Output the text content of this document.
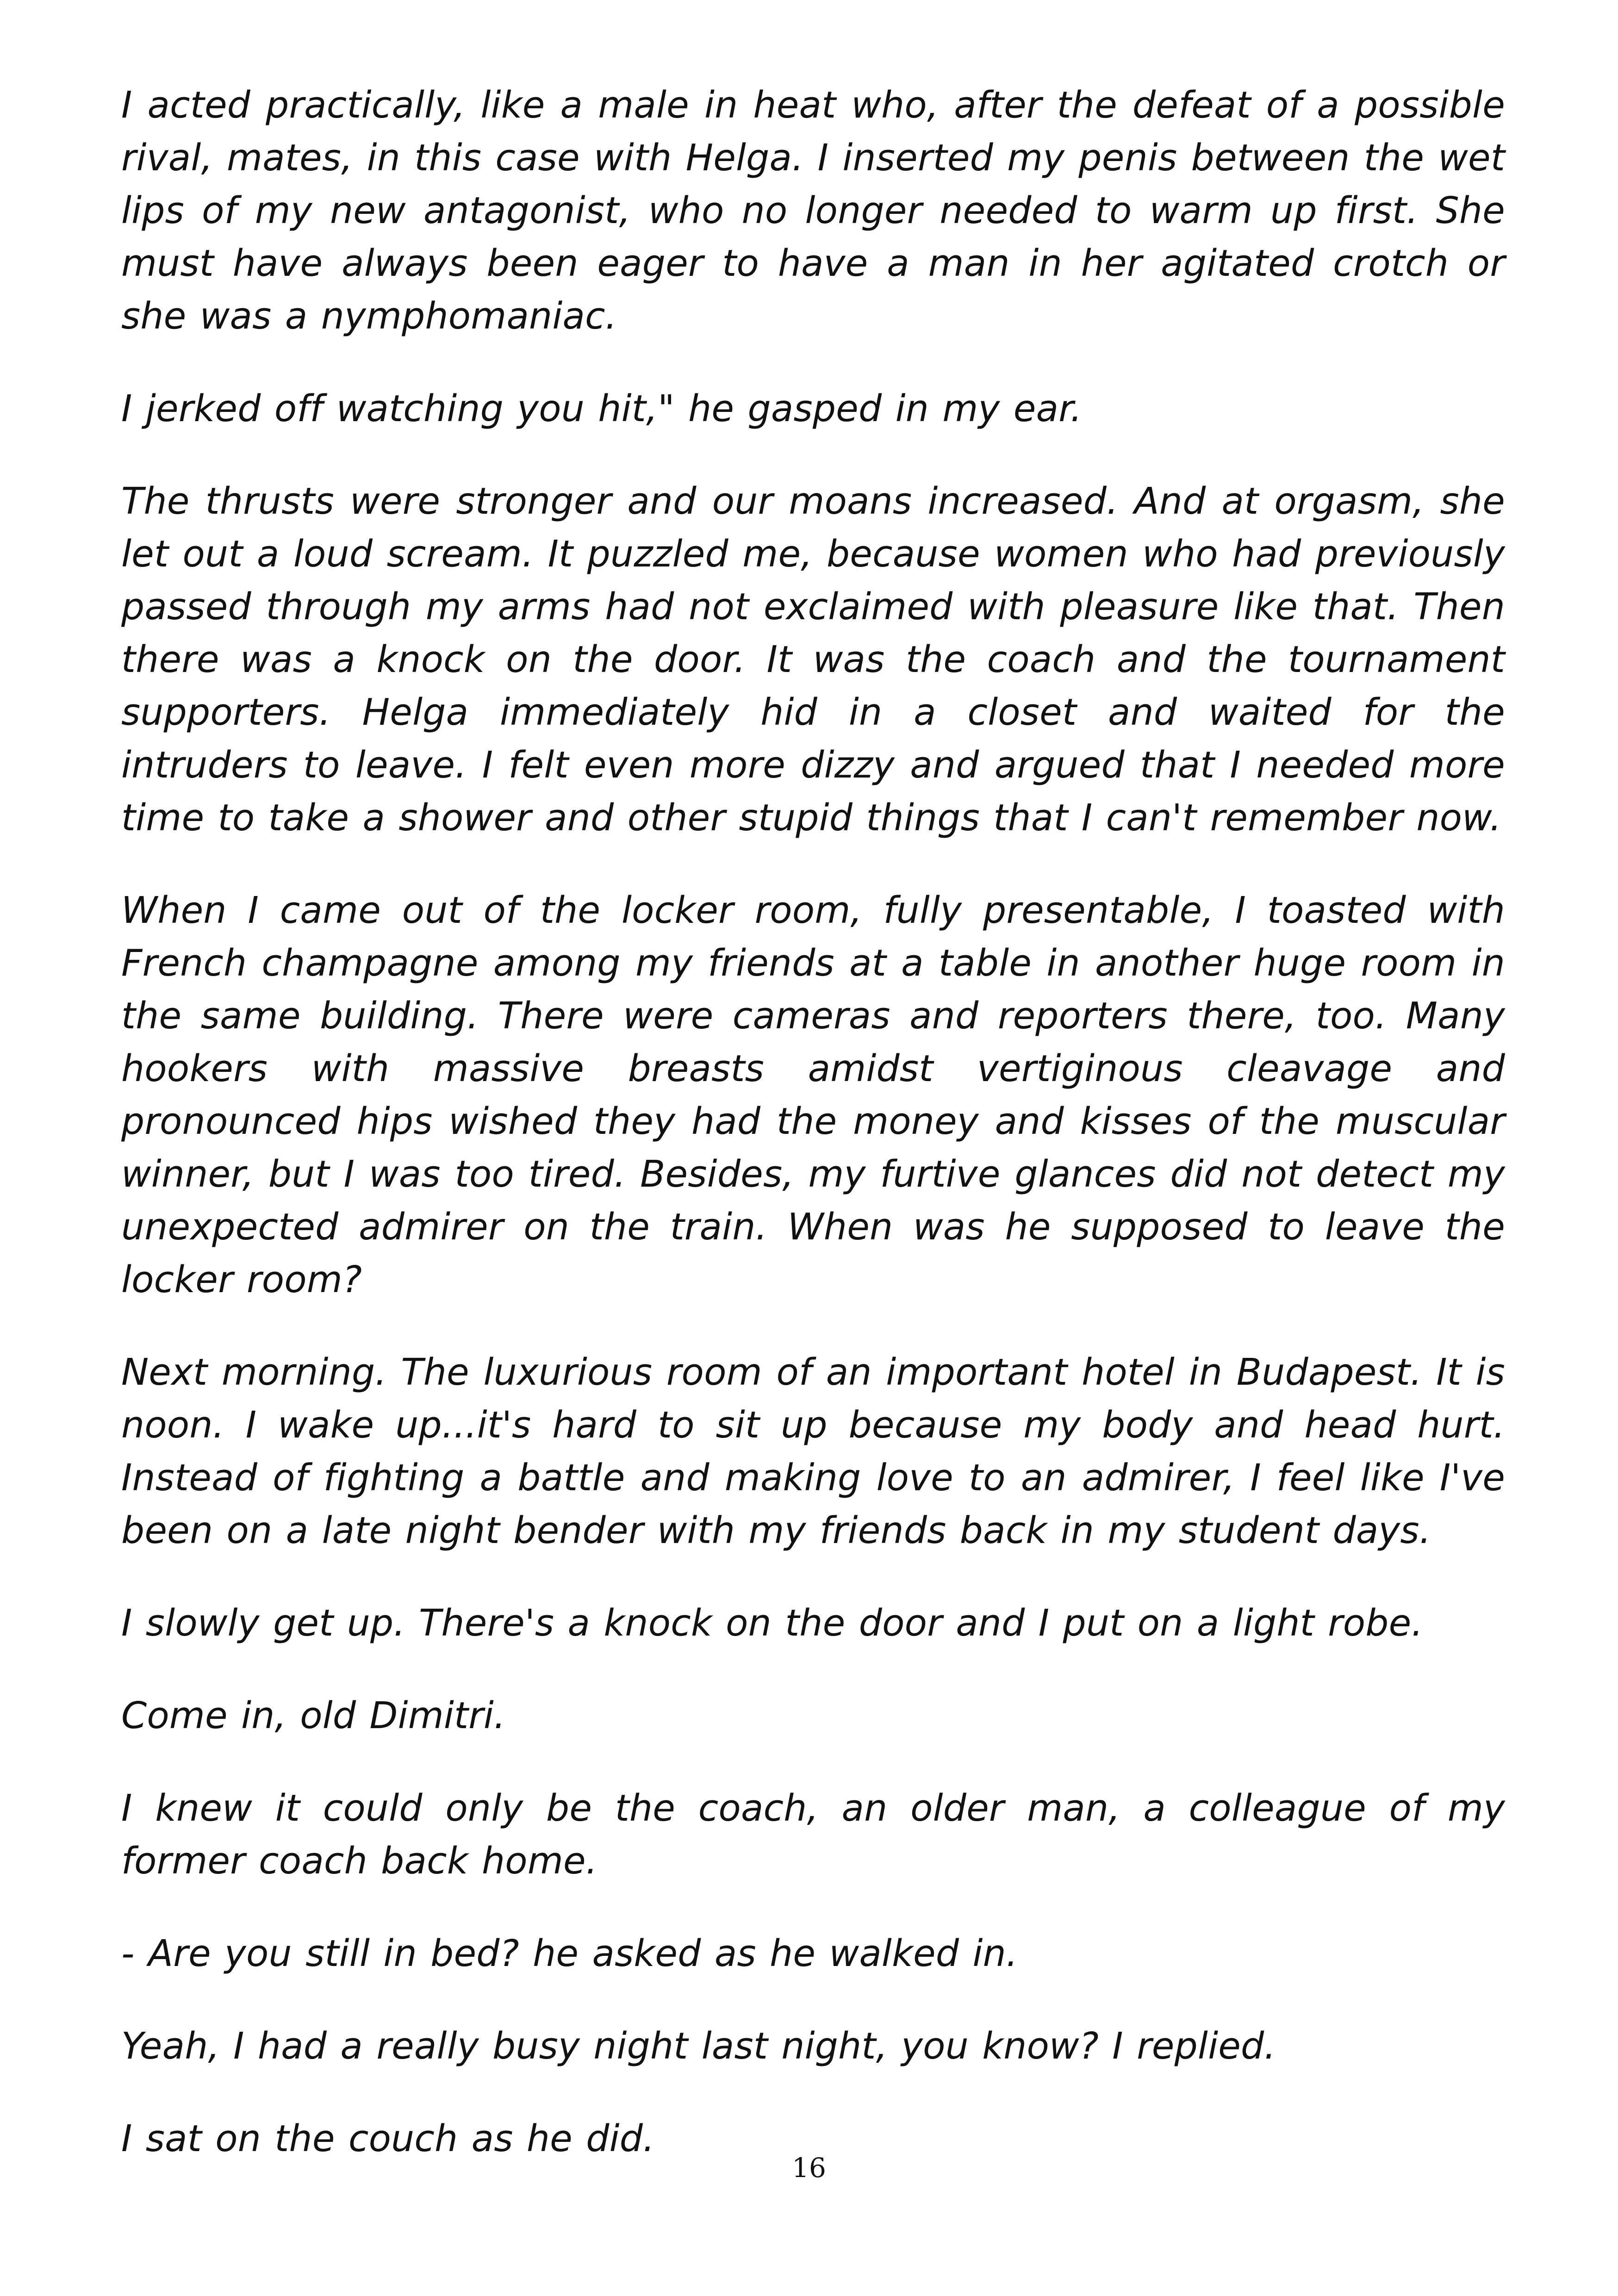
I acted practically, like a male in heat who, after the defeat of a possible rival, mates, in this case with Helga. I inserted my penis between the wet lips of my new antagonist, who no longer needed to warm up first. She must have always been eager to have a man in her agitated crotch or she was a nymphomaniac.

I jerked off watching you hit," he gasped in my ear.

The thrusts were stronger and our moans increased. And at orgasm, she let out a loud scream. It puzzled me, because women who had previously passed through my arms had not exclaimed with pleasure like that. Then there was a knock on the door. It was the coach and the tournament supporters. Helga immediately hid in a closet and waited for the intruders to leave. I felt even more dizzy and argued that I needed more time to take a shower and other stupid things that I can't remember now.

When I came out of the locker room, fully presentable, I toasted with French champagne among my friends at a table in another huge room in the same building. There were cameras and reporters there, too. Many hookers with massive breasts amidst vertiginous cleavage and pronounced hips wished they had the money and kisses of the muscular winner, but I was too tired. Besides, my furtive glances did not detect my unexpected admirer on the train. When was he supposed to leave the locker room?

Next morning. The luxurious room of an important hotel in Budapest. It is noon. I wake up...it's hard to sit up because my body and head hurt. Instead of fighting a battle and making love to an admirer, I feel like I've been on a late night bender with my friends back in my student days.

I slowly get up. There's a knock on the door and I put on a light robe.

Come in, old Dimitri.

I knew it could only be the coach, an older man, a colleague of my former coach back home.

- Are you still in bed? he asked as he walked in.

Yeah, I had a really busy night last night, you know? I replied.

I sat on the couch as he did.

16
